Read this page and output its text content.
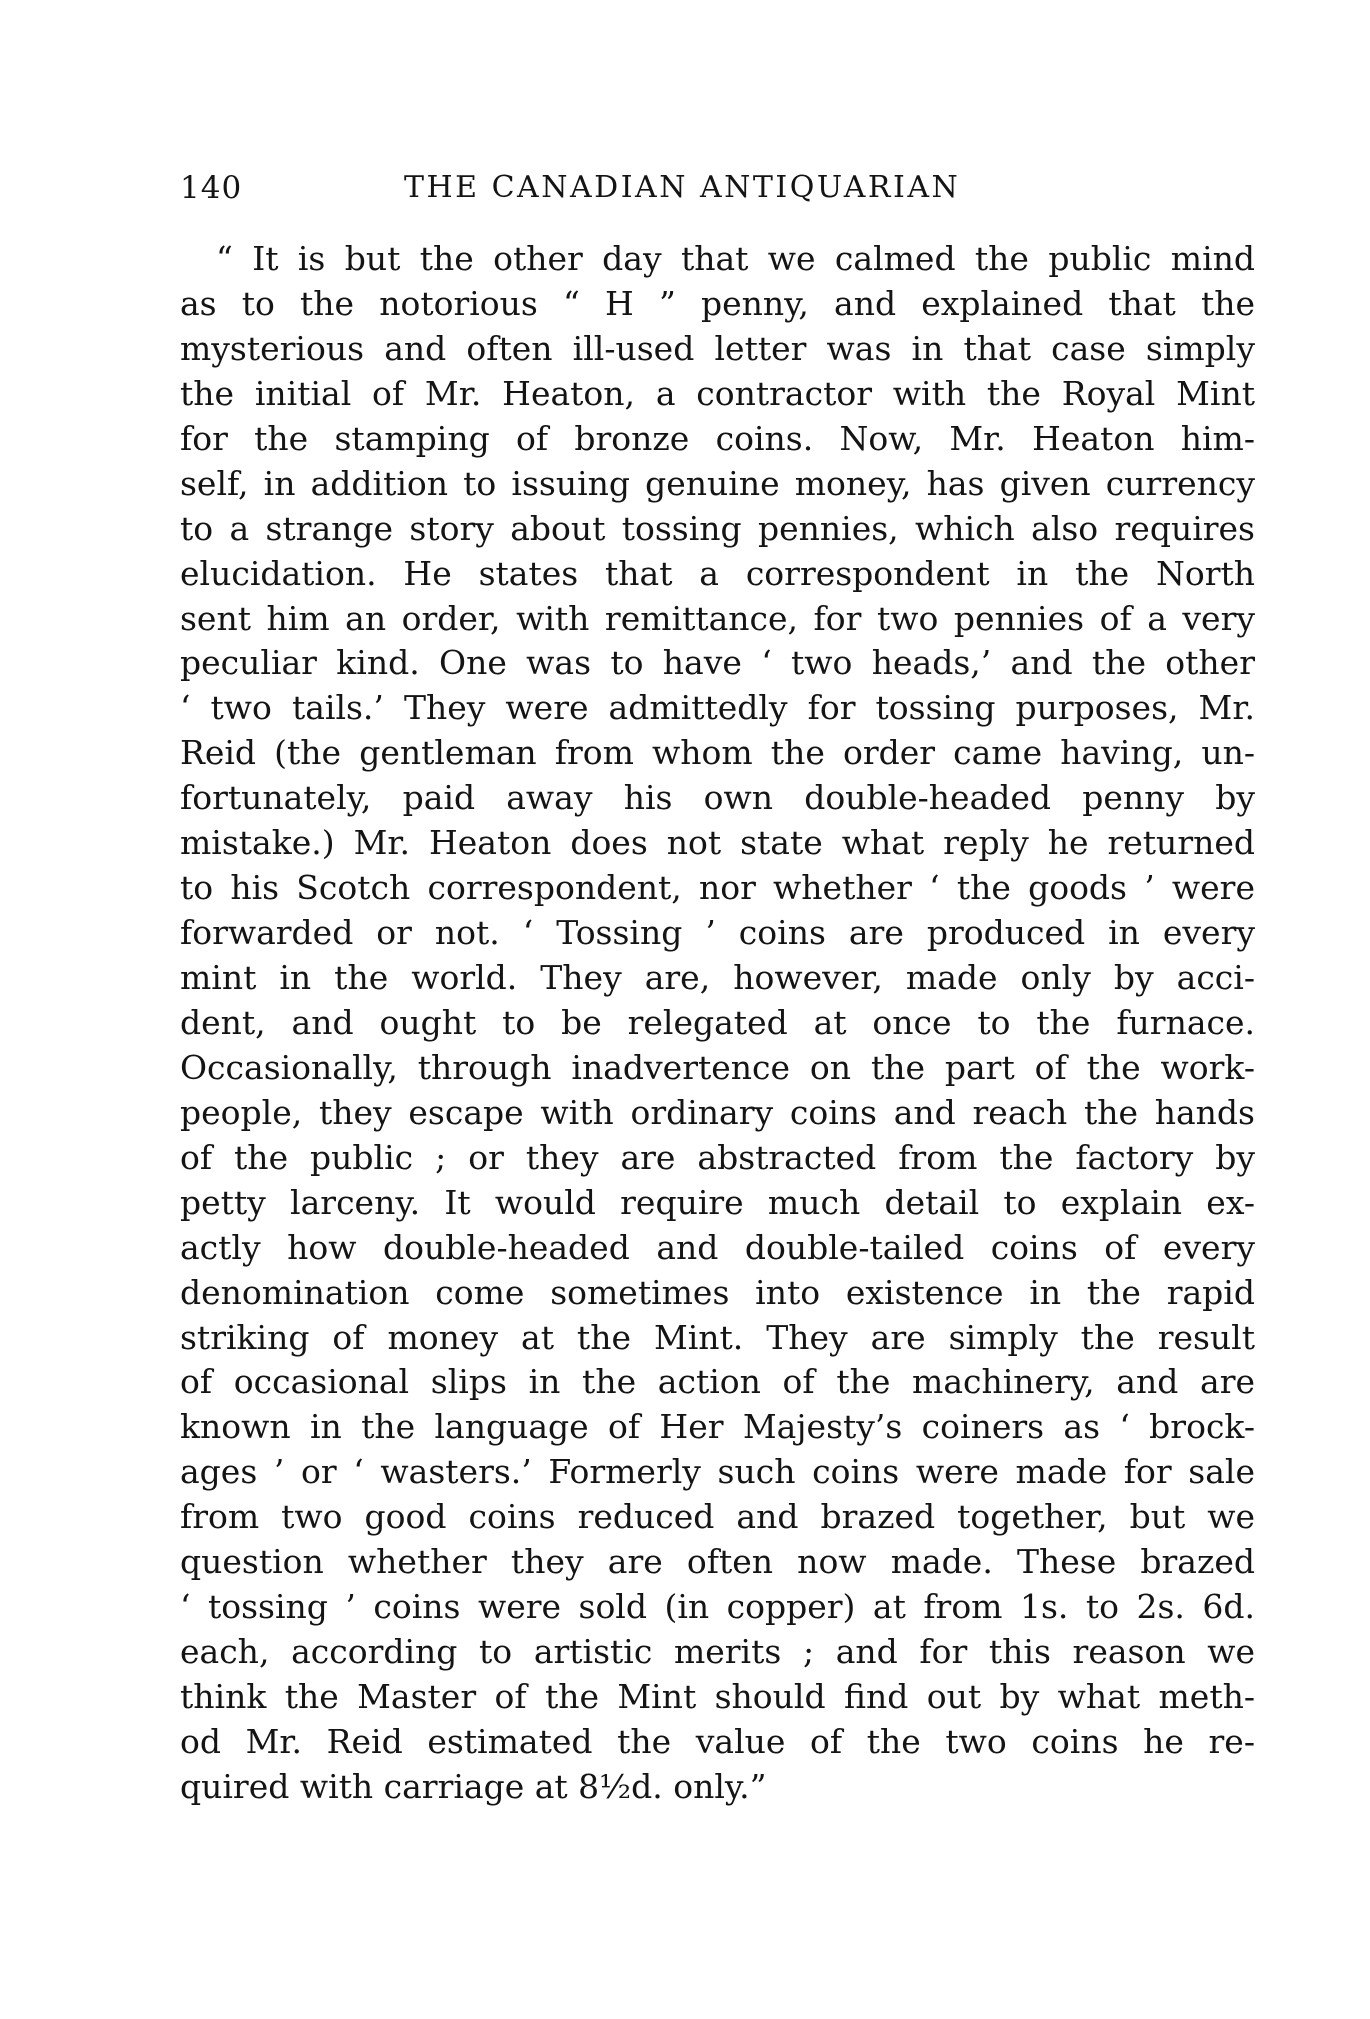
140	THE CANADIAN ANTIQUARIAN
“ It is but the other day that we calmed the public mind
as to the notorious “ H ” penny, and explained that the
mysterious and often ill-used letter was in that case simply
the initial of Mr. Heaton, a contractor with the Royal Mint
for the stamping of bronze coins. Now, Mr. Heaton him-
self, in addition to issuing genuine money, has given currency
to a strange story about tossing pennies, which also requires
elucidation. He states that a correspondent in the North
sent him an order, with remittance, for two pennies of a very
peculiar kind. One was to have ‘ two heads,’ and the other
‘ two tails.’ They were admittedly for tossing purposes, Mr.
Reid (the gentleman from whom the order came having, un-
fortunately, paid away his own double-headed penny by
mistake.) Mr. Heaton does not state what reply he returned
to his Scotch correspondent, nor whether ‘ the goods ’ were
forwarded or not. ‘ Tossing ’ coins are produced in every
mint in the world. They are, however, made only by acci-
dent, and ought to be relegated at once to the furnace.
Occasionally, through inadvertence on the part of the work-
people, they escape with ordinary coins and reach the hands
of the public ; or they are abstracted from the factory by
petty larceny. It would require much detail to explain ex-
actly how double-headed and double-tailed coins of every
denomination come sometimes into existence in the rapid
striking of money at the Mint. They are simply the result
of occasional slips in the action of the machinery, and are
known in the language of Her Majesty’s coiners as ‘ brock-
ages ’ or ‘ wasters.’ Formerly such coins were made for sale
from two good coins reduced and brazed together, but we
question whether they are often now made. These brazed
‘ tossing ’ coins were sold (in copper) at from 1s. to 2s. 6d.
each, according to artistic merits ; and for this reason we
think the Master of the Mint should find out by what meth-
od Mr. Reid estimated the value of the two coins he re-
quired with carriage at 8½d. only.”
